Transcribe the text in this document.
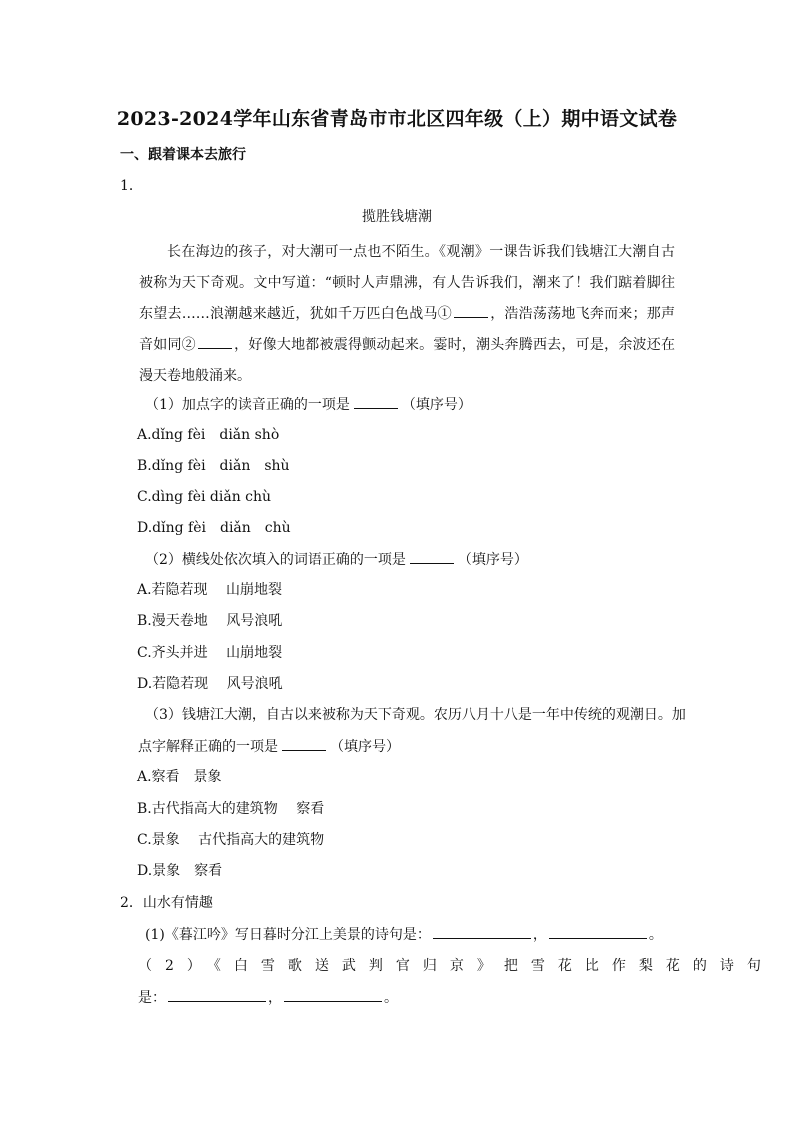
2023-2024学年山东省青岛市市北区四年级（上）期中语文试卷
一、跟着课本去旅行
1．
揽胜钱塘潮
长在海边的孩子，对大潮可一点也不陌生。《观潮》一课告诉我们钱塘江大潮自古被称为天下奇观。文中写道：“顿时人声鼎沸，有人告诉我们，潮来了！我们踮着脚往东望去……浪潮越来越近，犹如千万匹白色战马①	，浩浩荡荡地飞奔而来；那声音如同②	，好像大地都被震得颤动起来。霎时，潮头奔腾西去，可是，余波还在漫天卷地般涌来。
（1）加点字的读音正确的一项是	（填序号）
A.dǐng fèi　diǎn shò
B.dǐng fèi　diǎn　shù
C.dìng fèi diǎn chù
D.dǐng fèi　diǎn　chù
（2）横线处依次填入的词语正确的一项是	（填序号）
A.若隐若现　 山崩地裂
B.漫天卷地　 风号浪吼
C.齐头并进　 山崩地裂
D.若隐若现　 风号浪吼
（3）钱塘江大潮，自古以来被称为天下奇观。农历八月十八是一年中传统的观潮日。加
点字解释正确的一项是	（填序号）
A.察看　景象
B.古代指高大的建筑物　 察看
C.景象　 古代指高大的建筑物
D.景象　察看
2．山水有情趣
(1)《暮江吟》写日暮时分江上美景的诗句是：	，	。
（2）《白雪歌送武判官归京》把雪花比作梨花的诗句
是：	，	。
